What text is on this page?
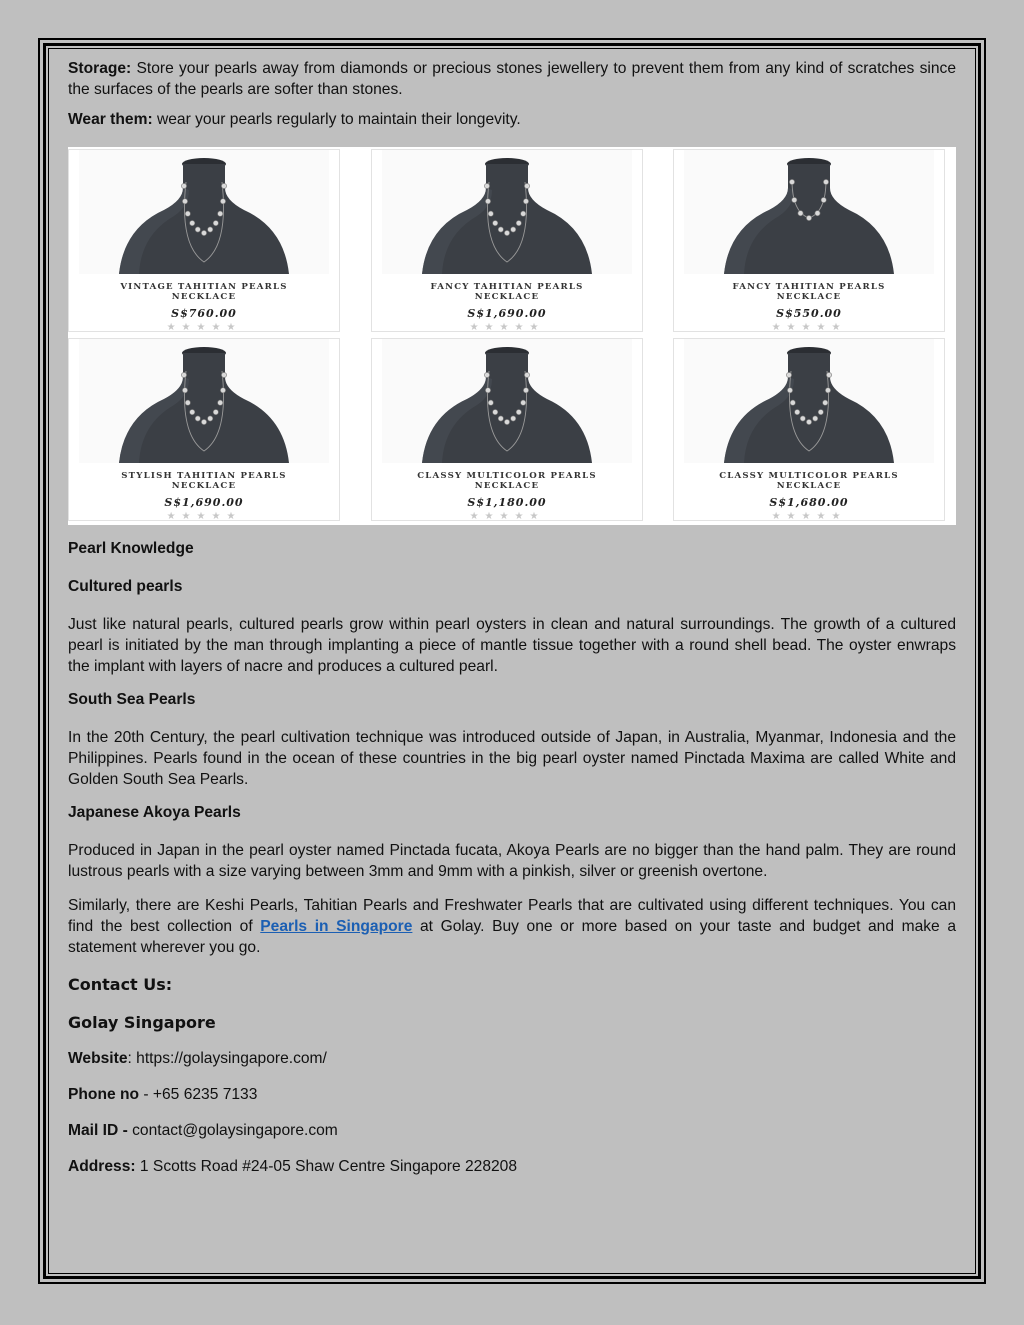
Storage: Store your pearls away from diamonds or precious stones jewellery to prevent them from any kind of scratches since the surfaces of the pearls are softer than stones.

Wear them: wear your pearls regularly to maintain their longevity.

VINTAGE TAHITIAN PEARLS
NECKLACE
S$760.00
★★★★★
FANCY TAHITIAN PEARLS
NECKLACE
S$1,690.00
★★★★★
FANCY TAHITIAN PEARLS
NECKLACE
S$550.00
★★★★★
STYLISH TAHITIAN PEARLS
NECKLACE
S$1,690.00
★★★★★
CLASSY MULTICOLOR PEARLS
NECKLACE
S$1,180.00
★★★★★
CLASSY MULTICOLOR PEARLS
NECKLACE
S$1,680.00
★★★★★

Pearl Knowledge

Cultured pearls

Just like natural pearls, cultured pearls grow within pearl oysters in clean and natural surroundings. The growth of a cultured pearl is initiated by the man through implanting a piece of mantle tissue together with a round shell bead. The oyster enwraps the implant with layers of nacre and produces a cultured pearl.

South Sea Pearls

In the 20th Century, the pearl cultivation technique was introduced outside of Japan, in Australia, Myanmar, Indonesia and the Philippines. Pearls found in the ocean of these countries in the big pearl oyster named Pinctada Maxima are called White and Golden South Sea Pearls.

Japanese Akoya Pearls

Produced in Japan in the pearl oyster named Pinctada fucata, Akoya Pearls are no bigger than the hand palm. They are round lustrous pearls with a size varying between 3mm and 9mm with a pinkish, silver or greenish overtone.

Similarly, there are Keshi Pearls, Tahitian Pearls and Freshwater Pearls that are cultivated using different techniques. You can find the best collection of Pearls in Singapore at Golay. Buy one or more based on your taste and budget and make a statement wherever you go.

Contact Us:

Golay Singapore

Website: https://golaysingapore.com/

Phone no - +65 6235 7133

Mail ID - contact@golaysingapore.com

Address: 1 Scotts Road #24-05 Shaw Centre Singapore 228208
